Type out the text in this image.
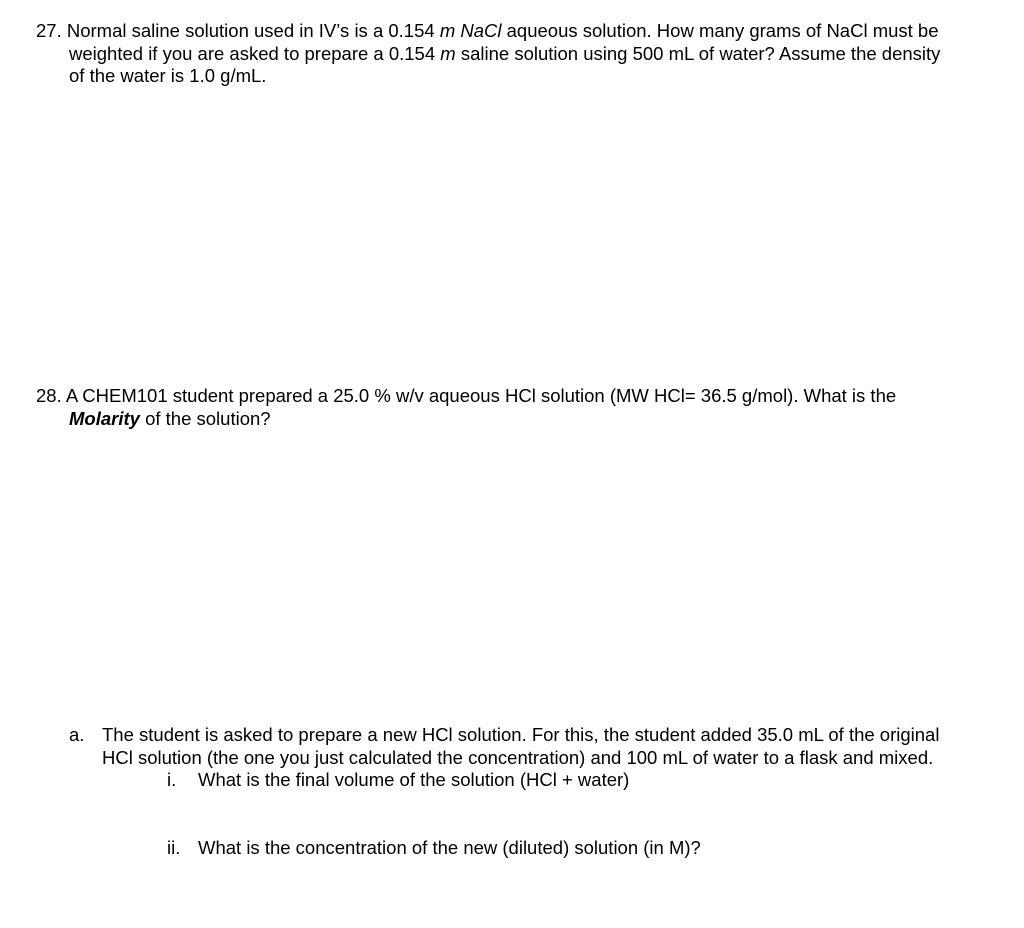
27. Normal saline solution used in IV’s is a 0.154 m NaCl aqueous solution. How many grams of NaCl must be
weighted if you are asked to prepare a 0.154 m saline solution using 500 mL of water? Assume the density
of the water is 1.0 g/mL.
28. A CHEM101 student prepared a 25.0 % w/v aqueous HCl solution (MW HCl= 36.5 g/mol). What is the
Molarity of the solution?
a. The student is asked to prepare a new HCl solution. For this, the student added 35.0 mL of the original
HCl solution (the one you just calculated the concentration) and 100 mL of water to a flask and mixed.
i. What is the final volume of the solution (HCl + water)
ii. What is the concentration of the new (diluted) solution (in M)?
